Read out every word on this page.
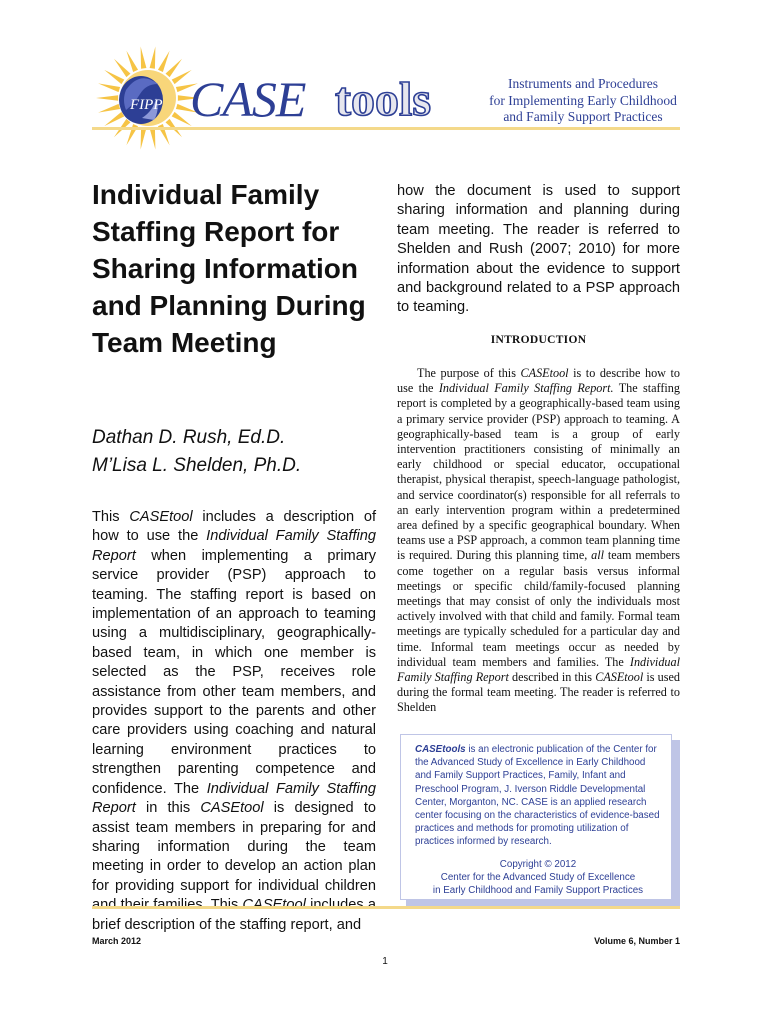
FIPP CASE tools	Instruments and Procedures
for Implementing Early Childhood
and Family Support Practices
Individual Family Staffing Report for Sharing Information and Planning During Team Meeting
Dathan D. Rush, Ed.D.
M’Lisa L. Shelden, Ph.D.
This CASEtool includes a description of how to use the Individual Family Staffing Report when implementing a primary service provider (PSP) approach to teaming. The staffing report is based on implementation of an approach to teaming using a multidisciplinary, geographically-based team, in which one member is selected as the PSP, receives role assistance from other team members, and provides support to the parents and other care providers using coaching and natural learning environment practices to strengthen parenting competence and confidence. The Individual Family Staffing Report in this CASEtool is designed to assist team members in preparing for and sharing information during the team meeting in order to develop an action plan for providing support for individual children brief description of the staffing report, and
how the document is used to support sharing information and planning during team meeting. The reader is referred to Shelden and Rush (2007; 2010) for more information about the evidence to support and background related to a PSP approach to teaming.
INTRODUCTION

The purpose of this CASEtool is to describe how to use the Individual Family Staffing Report. The staffing report is completed by a geographically-based team using a primary service provider (PSP) approach to teaming. A geographically-based team is a group of early intervention practitioners consisting of minimally an early childhood or special educator, occupational therapist, physical therapist, speech-language pathologist, and service coordinator(s) responsible for all referrals to an early intervention program within a predetermined area defined by a specific geographical boundary. When teams use a PSP approach, a common team planning time is required. During this planning time, all team members come together on a regular basis versus informal meetings or specific child/family-focused planning meetings that may consist of only the individuals most actively involved with that child and family. Formal team meetings are typically scheduled for a particular day and time. Informal team meetings occur as needed by individual team members and families. The Individual Family Staffing Report described in this CASEtool is used during the formal team meeting. The reader is referred to Shelden

CASEtools is an electronic publication of the Center for the Advanced Study of Excellence in Early Childhood and Family Support Practices, Family, Infant and Preschool Program, J. Iverson Riddle Developmental Center, Morganton, NC. CASE is an applied research center focusing on the characteristics of evidence-based practices and methods for promoting utilization of practices informed by research.
Copyright © 2012
Center for the Advanced Study of Excellence
in Early Childhood and Family Support Practices
March 2012	Volume 6, Number 1
1
